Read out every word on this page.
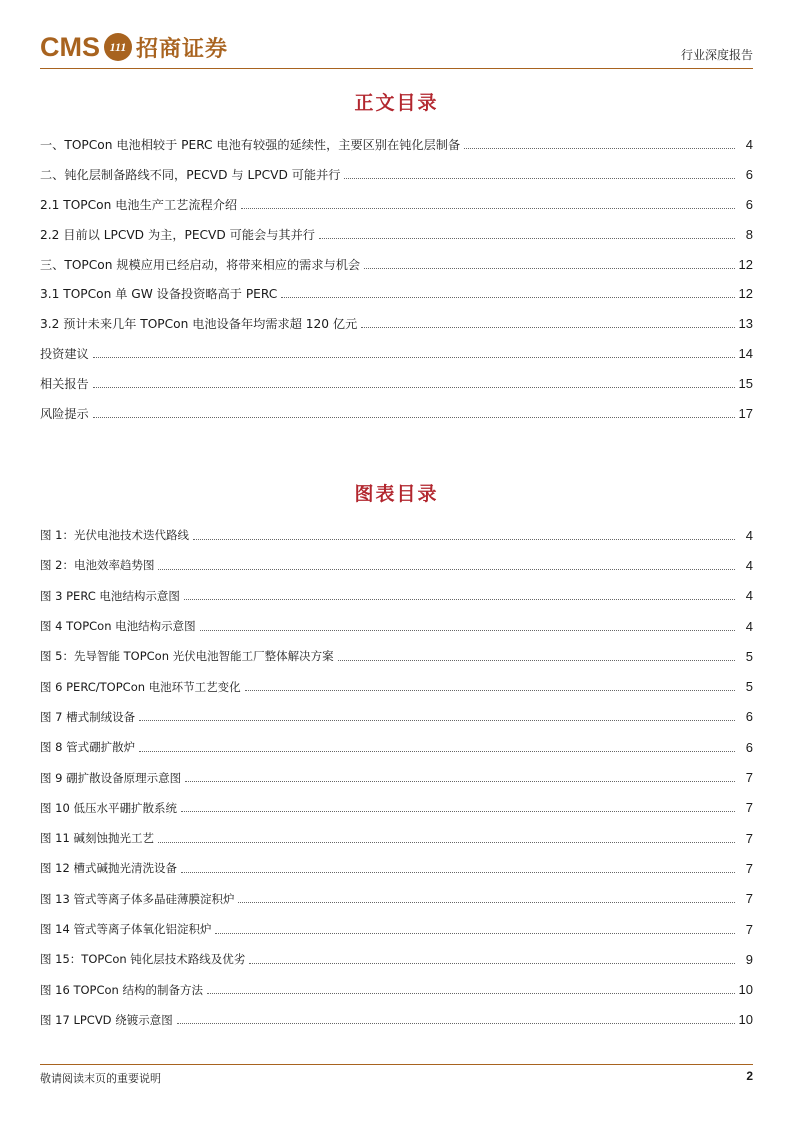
CMS 111 招商证券	行业深度报告
正文目录
一、TOPCon 电池相较于 PERC 电池有较强的延续性，主要区别在钝化层制备	4
二、钝化层制备路线不同，PECVD 与 LPCVD 可能并行	6
2.1 TOPCon 电池生产工艺流程介绍	6
2.2 目前以 LPCVD 为主，PECVD 可能会与其并行	8
三、TOPCon 规模应用已经启动，将带来相应的需求与机会	12
3.1 TOPCon 单 GW 设备投资略高于 PERC	12
3.2 预计未来几年 TOPCon 电池设备年均需求超 120 亿元	13
投资建议	14
相关报告	15
风险提示	17
图表目录
图 1：光伏电池技术迭代路线	4
图 2：电池效率趋势图	4
图 3 PERC 电池结构示意图	4
图 4 TOPCon 电池结构示意图	4
图 5：先导智能 TOPCon 光伏电池智能工厂整体解决方案	5
图 6 PERC/TOPCon 电池环节工艺变化	5
图 7 槽式制绒设备	6
图 8 管式硼扩散炉	6
图 9 硼扩散设备原理示意图	7
图 10 低压水平硼扩散系统	7
图 11 碱刻蚀抛光工艺	7
图 12 槽式碱抛光清洗设备	7
图 13 管式等离子体多晶硅薄膜淀积炉	7
图 14 管式等离子体氧化铝淀积炉	7
图 15：TOPCon 钝化层技术路线及优劣	9
图 16 TOPCon 结构的制备方法	10
图 17 LPCVD 绕镀示意图	10
敬请阅读末页的重要说明	2
